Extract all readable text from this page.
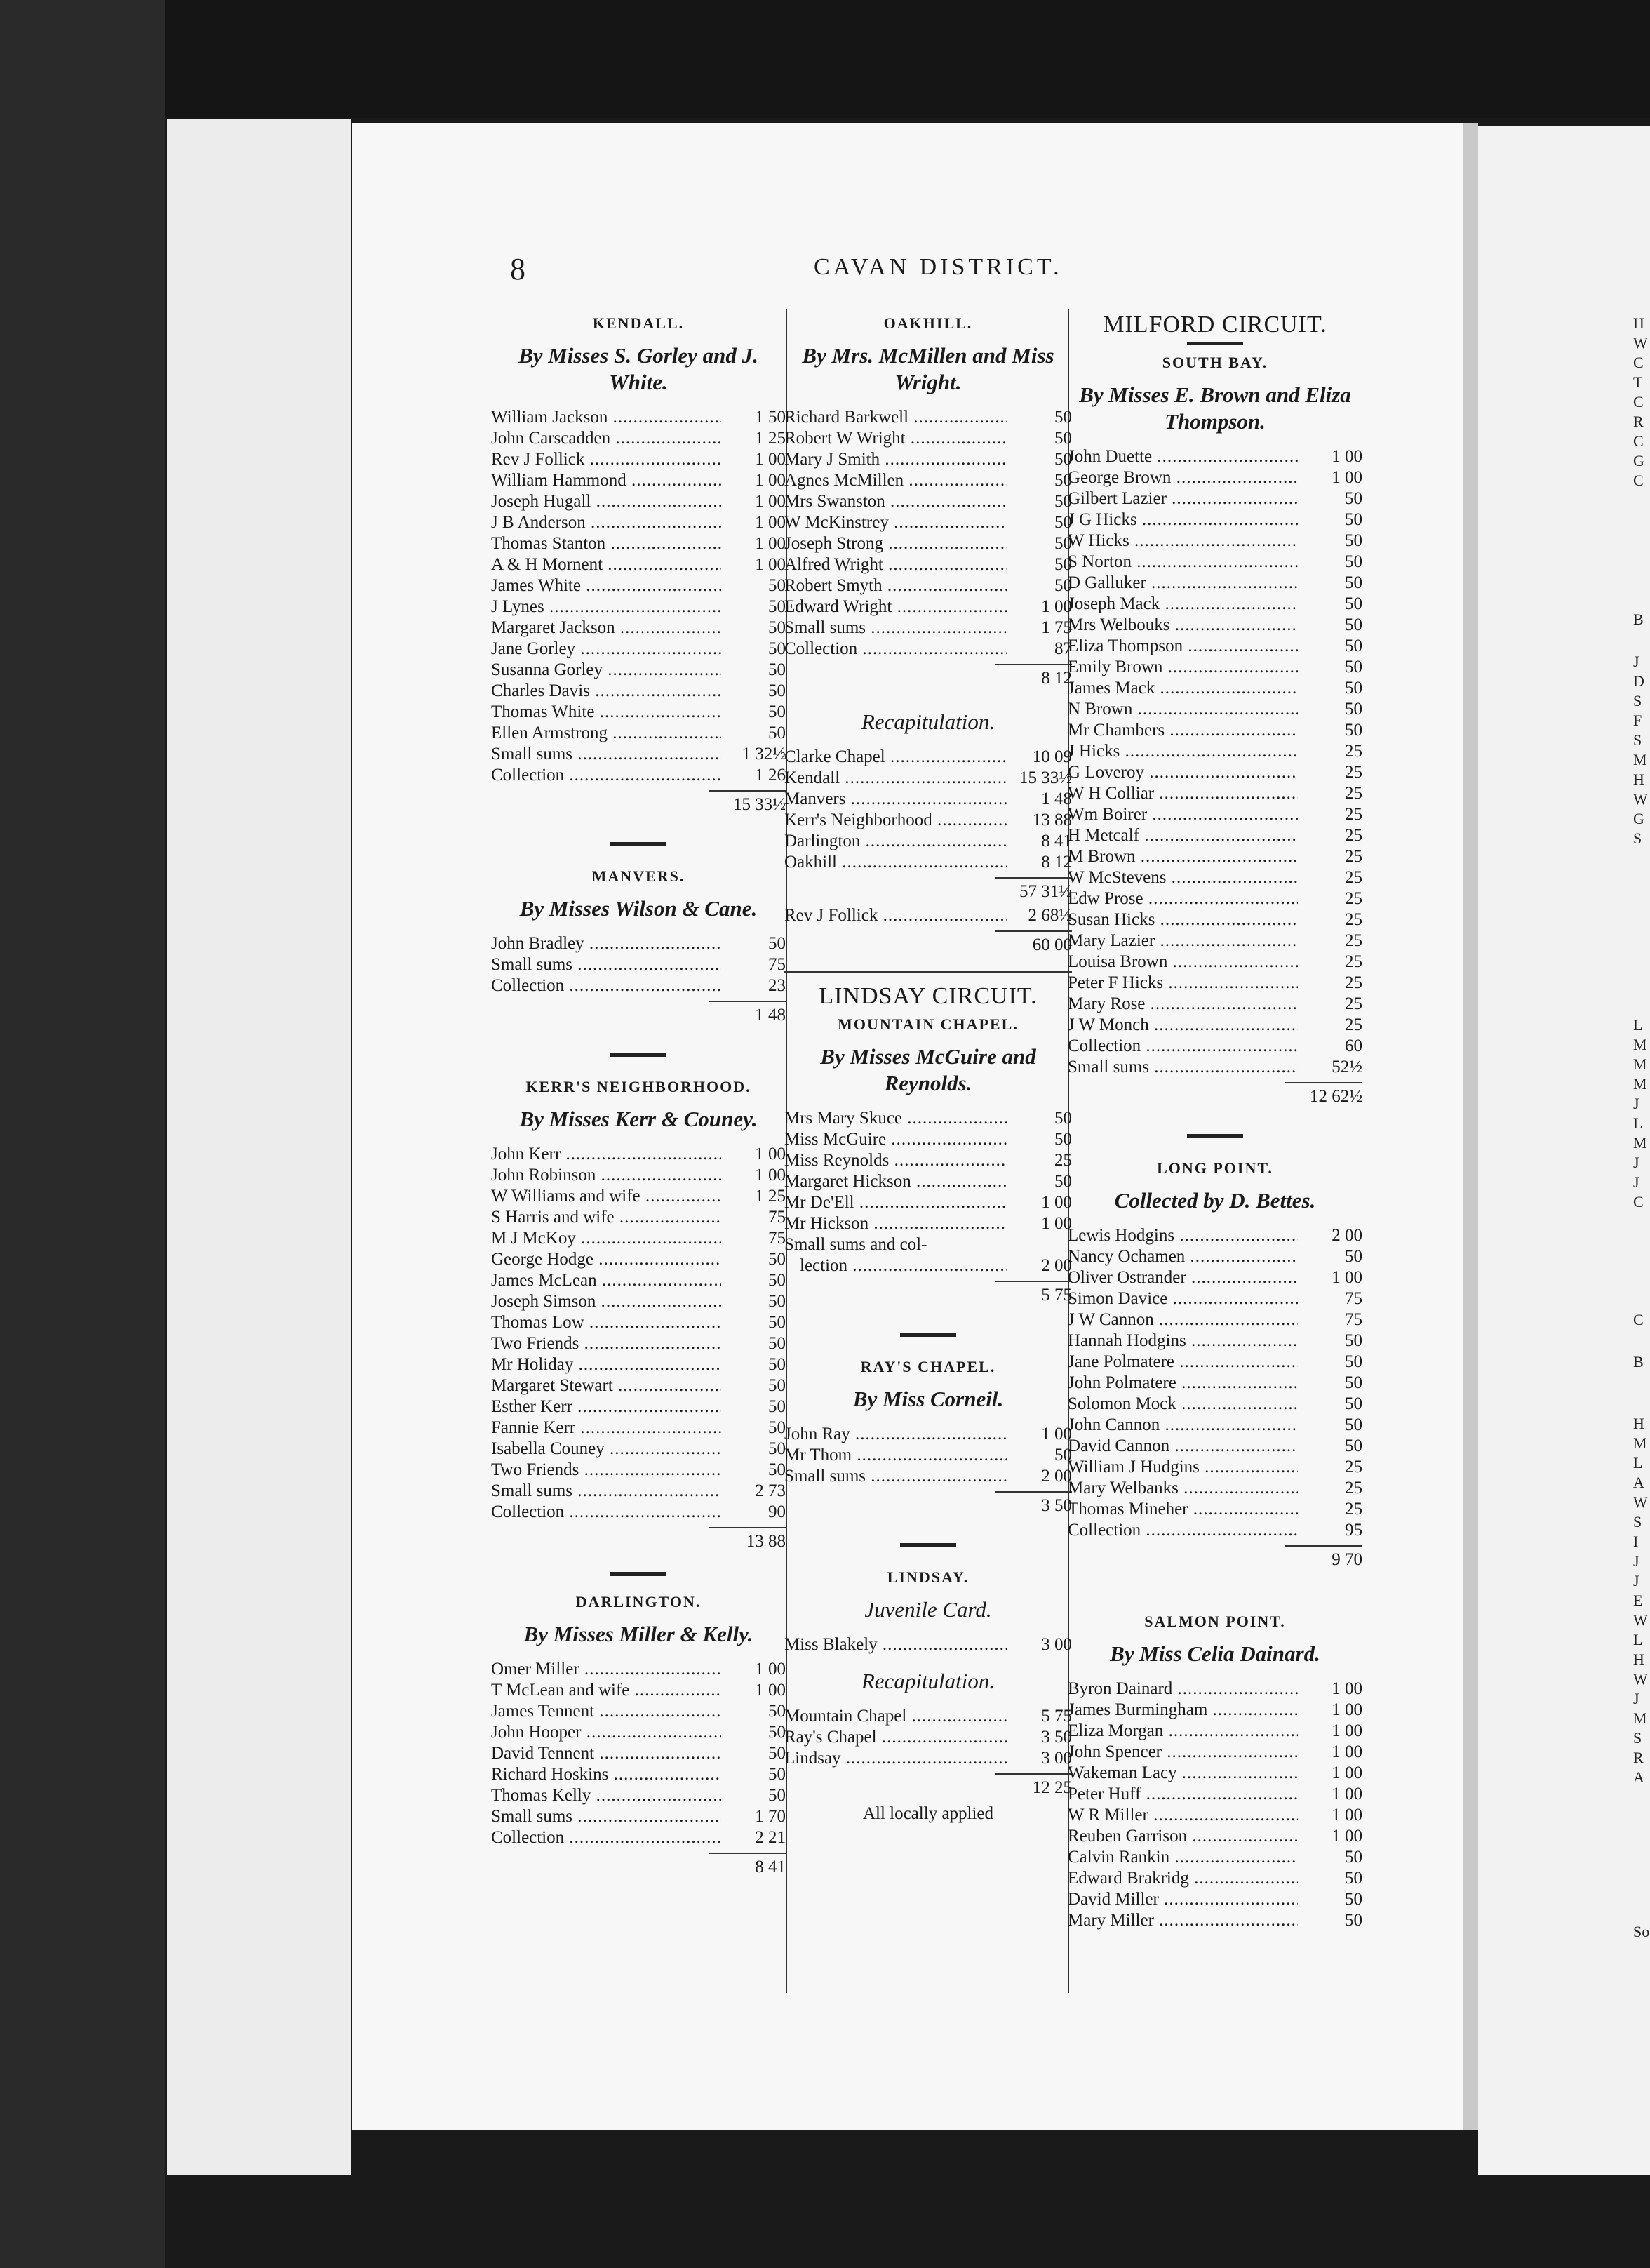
H
W
C
T
C
R
C
G
C
B
J
D
S
F
S
M
H
W
G
S
L
M
M
M
J
L
M
J
J
C
C
B
H
M
L
A
W
S
I
J
J
E
W
L
H
W
J
M
S
R
A
So
8	CAVAN DISTRICT.
KENDALL.
By Misses S. Gorley and J. White.
William Jackson .....	1 50
John Carscadden .....	1 25
Rev J Follick .....	1 00
William Hammond .....	1 00
Joseph Hugall .....	1 00
J B Anderson .....	1 00
Thomas Stanton .....	1 00
A & H Mornent .....	1 00
James White .....	50
J Lynes .....	50
Margaret Jackson .....	50
Jane Gorley .....	50
Susanna Gorley .....	50
Charles Davis .....	50
Thomas White .....	50
Ellen Armstrong .....	50
Small sums .....	1 32½
Collection .....	1 26
15 33½
MANVERS.
By Misses Wilson & Cane.
John Bradley .....	50
Small sums .....	75
Collection .....	23
1 48
KERR'S NEIGHBORHOOD.
By Misses Kerr & Couney.
John Kerr .....	1 00
John Robinson .....	1 00
W Williams and wife .....	1 25
S Harris and wife .....	75
M J McKoy .....	75
George Hodge .....	50
James McLean .....	50
Joseph Simson .....	50
Thomas Low .....	50
Two Friends .....	50
Mr Holiday .....	50
Margaret Stewart .....	50
Esther Kerr .....	50
Fannie Kerr .....	50
Isabella Couney .....	50
Two Friends .....	50
Small sums .....	2 73
Collection .....	90
13 88
DARLINGTON.
By Misses Miller & Kelly.
Omer Miller .....	1 00
T McLean and wife .....	1 00
James Tennent .....	50
John Hooper .....	50
David Tennent .....	50
Richard Hoskins .....	50
Thomas Kelly .....	50
Small sums .....	1 70
Collection .....	2 21
8 41
OAKHILL.
By Mrs. McMillen and Miss Wright.
Richard Barkwell .....	50
Robert W Wright .....	50
Mary J Smith .....	50
Agnes McMillen .....	50
Mrs Swanston .....	50
W McKinstrey .....	50
Joseph Strong .....	50
Alfred Wright .....	50
Robert Smyth .....	50
Edward Wright .....	1 00
Small sums .....	1 75
Collection .....	87
8 12
Recapitulation.
Clarke Chapel .....	10 09
Kendall .....	15 33½
Manvers .....	1 48
Kerr's Neighborhood .....	13 88
Darlington .....	8 41
Oakhill .....	8 12
57 31½
Rev J Follick .....	2 68½
60 00
LINDSAY CIRCUIT.
MOUNTAIN CHAPEL.
By Misses McGuire and Reynolds.
Mrs Mary Skuce .....	50
Miss McGuire .....	50
Miss Reynolds .....	25
Margaret Hickson .....	50
Mr De'Ell .....	1 00
Mr Hickson .....	1 00
Small sums and col-
lection .....	2 00
5 75
RAY'S CHAPEL.
By Miss Corneil.
John Ray .....	1 00
Mr Thom .....	50
Small sums .....	2 00
3 50
LINDSAY.
Juvenile Card.
Miss Blakely .....	3 00
Recapitulation.
Mountain Chapel .....	5 75
Ray's Chapel .....	3 50
Lindsay .....	3 00
12 25
All locally applied
MILFORD CIRCUIT.
SOUTH BAY.
By Misses E. Brown and Eliza Thompson.
John Duette .....	1 00
George Brown .....	1 00
Gilbert Lazier .....	50
J G Hicks .....	50
W Hicks .....	50
S Norton .....	50
D Galluker .....	50
Joseph Mack .....	50
Mrs Welbouks .....	50
Eliza Thompson .....	50
Emily Brown .....	50
James Mack .....	50
N Brown .....	50
Mr Chambers .....	50
J Hicks .....	25
G Loveroy .....	25
W H Colliar .....	25
Wm Boirer .....	25
H Metcalf .....	25
M Brown .....	25
W McStevens .....	25
Edw Prose .....	25
Susan Hicks .....	25
Mary Lazier .....	25
Louisa Brown .....	25
Peter F Hicks .....	25
Mary Rose .....	25
J W Monch .....	25
Collection .....	60
Small sums .....	52½
12 62½
LONG POINT.
Collected by D. Bettes.
Lewis Hodgins .....	2 00
Nancy Ochamen .....	50
Oliver Ostrander .....	1 00
Simon Davice .....	75
J W Cannon .....	75
Hannah Hodgins .....	50
Jane Polmatere .....	50
John Polmatere .....	50
Solomon Mock .....	50
John Cannon .....	50
David Cannon .....	50
William J Hudgins .....	25
Mary Welbanks .....	25
Thomas Mineher .....	25
Collection .....	95
9 70
SALMON POINT.
By Miss Celia Dainard.
Byron Dainard .....	1 00
James Burmingham .....	1 00
Eliza Morgan .....	1 00
John Spencer .....	1 00
Wakeman Lacy .....	1 00
Peter Huff .....	1 00
W R Miller .....	1 00
Reuben Garrison .....	1 00
Calvin Rankin .....	50
Edward Brakridg .....	50
David Miller .....	50
Mary Miller .....	50
